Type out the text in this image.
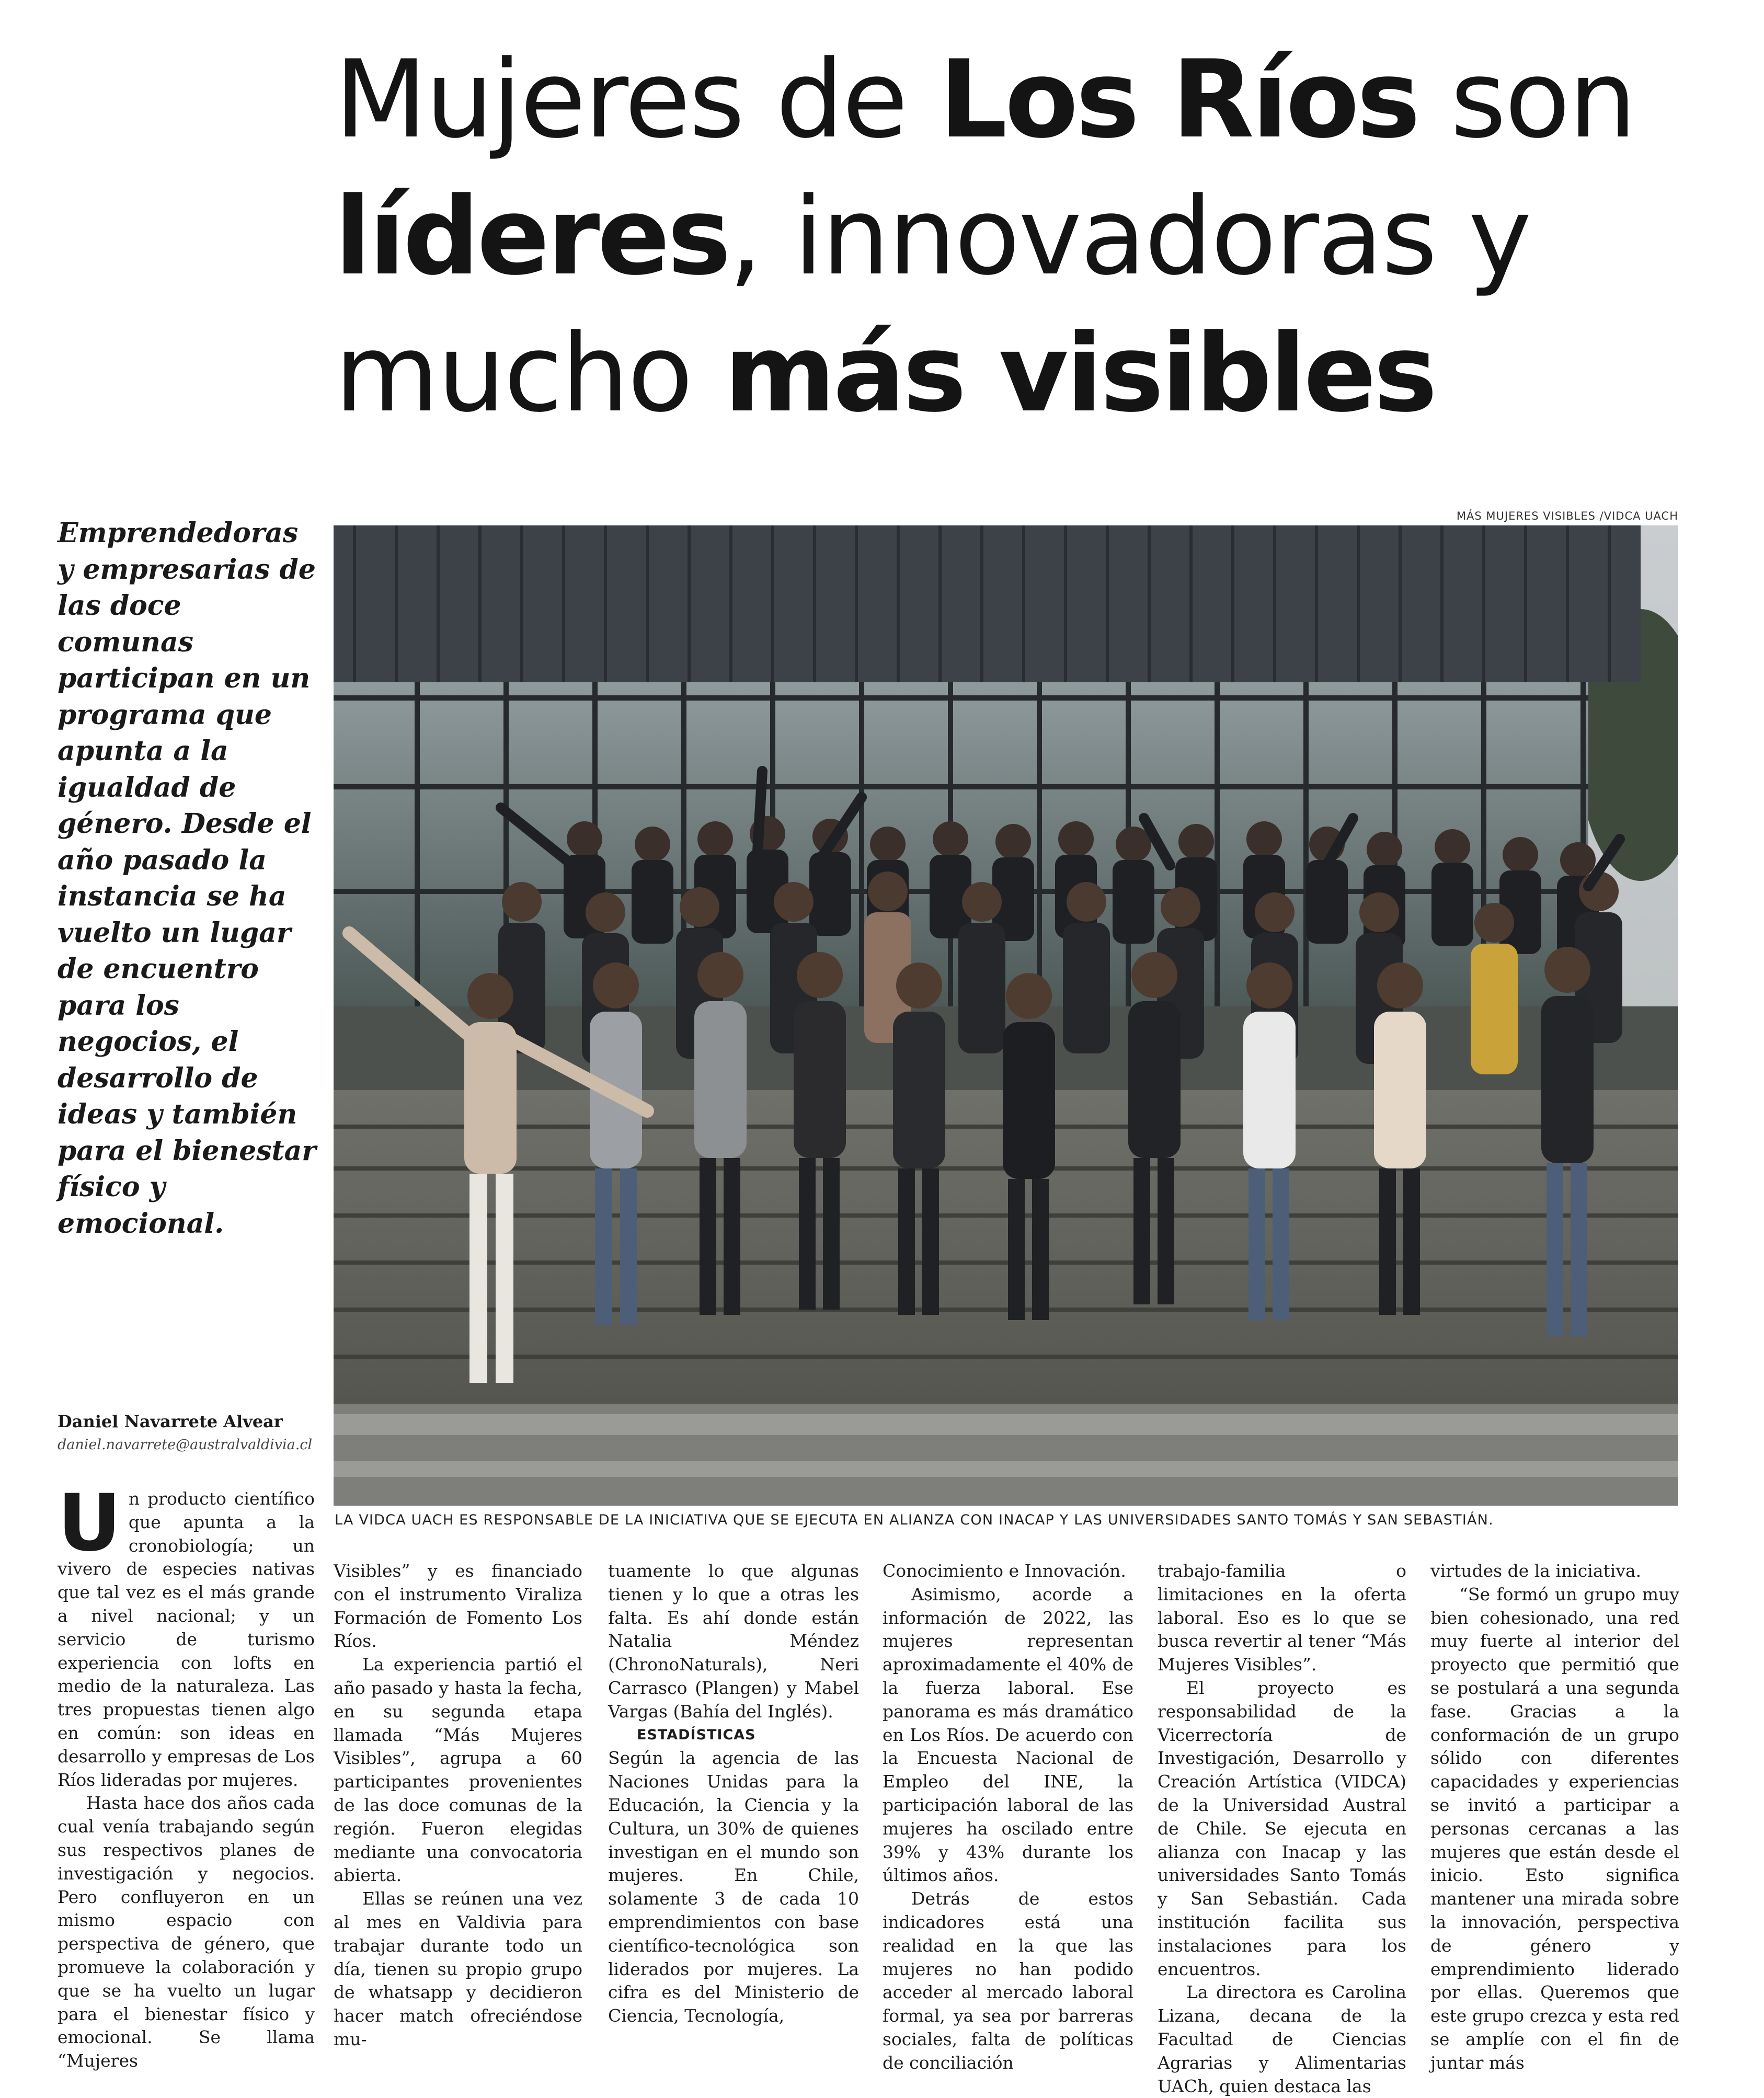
Mujeres de Los Ríos son
líderes, innovadoras y
mucho más visibles
Emprendedoras y empresarias de las doce comunas participan en un programa que apunta a la igualdad de género. Desde el año pasado la instancia se ha vuelto un lugar de encuentro para los negocios, el desarrollo de ideas y también para el bienestar físico y emocional.
Daniel Navarrete Alvear
daniel.navarrete@australvaldivia.cl
MÁS MUJERES VISIBLES /VIDCA UACH
LA VIDCA UACH ES RESPONSABLE DE LA INICIATIVA QUE SE EJECUTA EN ALIANZA CON INACAP Y LAS UNIVERSIDADES SANTO TOMÁS Y SAN SEBASTIÁN.

Un producto científico que apunta a la cronobiología; un vivero de especies nativas que tal vez es el más grande a nivel nacional; y un servicio de turismo experiencia con lofts en medio de la naturaleza. Las tres propuestas tienen algo en común: son ideas en desarrollo y empresas de Los Ríos lideradas por mujeres.

Hasta hace dos años cada cual venía trabajando según sus respectivos planes de investigación y negocios. Pero confluyeron en un mismo espacio con perspectiva de género, que promueve la colaboración y que se ha vuelto un lugar para el bienestar físico y emocional. Se llama “Mujeres

Visibles” y es financiado con el instrumento Viraliza Formación de Fomento Los Ríos.

La experiencia partió el año pasado y hasta la fecha, en su segunda etapa llamada “Más Mujeres Visibles”, agrupa a 60 participantes provenientes de las doce comunas de la región. Fueron elegidas mediante una convocatoria abierta.

Ellas se reúnen una vez al mes en Valdivia para trabajar durante todo un día, tienen su propio grupo de whatsapp y decidieron hacer match ofreciéndose mu-

tuamente lo que algunas tienen y lo que a otras les falta. Es ahí donde están Natalia Méndez (ChronoNaturals), Neri Carrasco (Plangen) y Mabel Vargas (Bahía del Inglés).

ESTADÍSTICAS

Según la agencia de las Naciones Unidas para la Educación, la Ciencia y la Cultura, un 30% de quienes investigan en el mundo son mujeres. En Chile, solamente 3 de cada 10 emprendimientos con base científico-tecnológica son liderados por mujeres. La cifra es del Ministerio de Ciencia, Tecnología,

Conocimiento e Innovación.

Asimismo, acorde a información de 2022, las mujeres representan aproximadamente el 40% de la fuerza laboral. Ese panorama es más dramático en Los Ríos. De acuerdo con la Encuesta Nacional de Empleo del INE, la participación laboral de las mujeres ha oscilado entre 39% y 43% durante los últimos años.

Detrás de estos indicadores está una realidad en la que las mujeres no han podido acceder al mercado laboral formal, ya sea por barreras sociales, falta de políticas de conciliación

trabajo-familia o limitaciones en la oferta laboral. Eso es lo que se busca revertir al tener “Más Mujeres Visibles”.

El proyecto es responsabilidad de la Vicerrectoría de Investigación, Desarrollo y Creación Artística (VIDCA) de la Universidad Austral de Chile. Se ejecuta en alianza con Inacap y las universidades Santo Tomás y San Sebastián. Cada institución facilita sus instalaciones para los encuentros.

La directora es Carolina Lizana, decana de la Facultad de Ciencias Agrarias y Alimentarias UACh, quien destaca las

virtudes de la iniciativa.

“Se formó un grupo muy bien cohesionado, una red muy fuerte al interior del proyecto que permitió que se postulará a una segunda fase. Gracias a la conformación de un grupo sólido con diferentes capacidades y experiencias se invitó a participar a personas cercanas a las mujeres que están desde el inicio. Esto significa mantener una mirada sobre la innovación, perspectiva de género y emprendimiento liderado por ellas. Queremos que este grupo crezca y esta red se amplíe con el fin de juntar más
